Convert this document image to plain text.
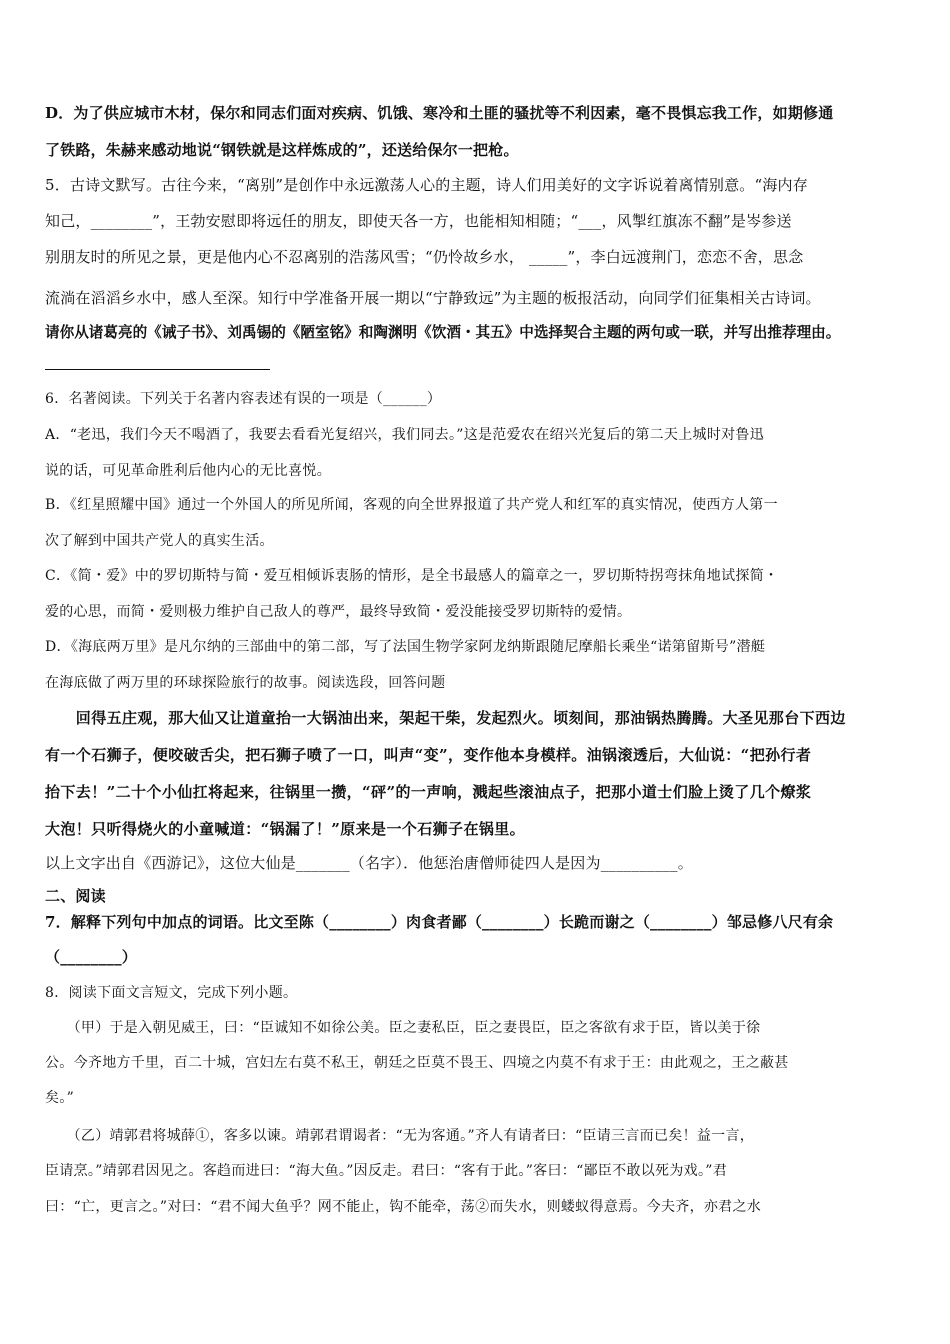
D．为了供应城市木材，保尔和同志们面对疾病、饥饿、寒冷和土匪的骚扰等不利因素，毫不畏惧忘我工作，如期修通
了铁路，朱赫来感动地说“钢铁就是这样炼成的”，还送给保尔一把枪。
5．古诗文默写。古往今来，“离别”是创作中永远激荡人心的主题，诗人们用美好的文字诉说着离情别意。“海内存
知己，________”，王勃安慰即将远任的朋友，即使天各一方，也能相知相随；“___，风掣红旗冻不翻”是岑参送
别朋友时的所见之景，更是他内心不忍离别的浩荡风雪；“仍怜故乡水， _____”，李白远渡荆门，恋恋不舍，思念
流淌在滔滔乡水中，感人至深。知行中学准备开展一期以“宁静致远”为主题的板报活动，向同学们征集相关古诗词。
请你从诸葛亮的《诫子书》、刘禹锡的《陋室铭》和陶渊明《饮酒・其五》中选择契合主题的两句或一联，并写出推荐理由。
6．名著阅读。下列关于名著内容表述有误的一项是（______）
A．“老迅，我们今天不喝酒了，我要去看看光复绍兴，我们同去。”这是范爱农在绍兴光复后的第二天上城时对鲁迅
说的话，可见革命胜利后他内心的无比喜悦。
B．《红星照耀中国》通过一个外国人的所见所闻，客观的向全世界报道了共产党人和红军的真实情况，使西方人第一
次了解到中国共产党人的真实生活。
C．《简・爱》中的罗切斯特与简・爱互相倾诉衷肠的情形，是全书最感人的篇章之一，罗切斯特拐弯抹角地试探简・
爱的心思，而简・爱则极力维护自己敌人的尊严，最终导致简・爱没能接受罗切斯特的爱情。
D．《海底两万里》是凡尔纳的三部曲中的第二部，写了法国生物学家阿龙纳斯跟随尼摩船长乘坐“诺第留斯号”潜艇
在海底做了两万里的环球探险旅行的故事。阅读选段，回答问题
　　回得五庄观，那大仙又让道童抬一大锅油出来，架起干柴，发起烈火。顷刻间，那油锅热腾腾。大圣见那台下西边
有一个石狮子，便咬破舌尖，把石狮子喷了一口，叫声“变”，变作他本身模样。油锅滚透后，大仙说：“把孙行者
抬下去！”二十个小仙扛将起来，往锅里一攒，“砰”的一声响，溅起些滚油点子，把那小道士们脸上烫了几个燎浆
大泡！只听得烧火的小童喊道：“锅漏了！”原来是一个石狮子在锅里。
以上文字出自《西游记》，这位大仙是_______（名字）．他惩治唐僧师徒四人是因为__________。
二、阅读
7．解释下列句中加点的词语。比文至陈（________）肉食者鄙（________）长跪而谢之（________）邹忌修八尺有余
（________）
8．阅读下面文言短文，完成下列小题。
　　（甲）于是入朝见威王，曰：“臣诚知不如徐公美。臣之妻私臣，臣之妻畏臣，臣之客欲有求于臣，皆以美于徐
公。今齐地方千里，百二十城，宫妇左右莫不私王，朝廷之臣莫不畏王、四境之内莫不有求于王：由此观之，王之蔽甚
矣。”
　　（乙）靖郭君将城薛①，客多以谏。靖郭君谓谒者：“无为客通。”齐人有请者曰：“臣请三言而已矣！益一言，
臣请烹。”靖郭君因见之。客趋而进曰：“海大鱼。”因反走。君曰：“客有于此。”客曰：“鄙臣不敢以死为戏。”君
曰：“亡，更言之。”对曰：“君不闻大鱼乎？网不能止，钩不能牵，荡②而失水，则蝼蚁得意焉。今夫齐，亦君之水
